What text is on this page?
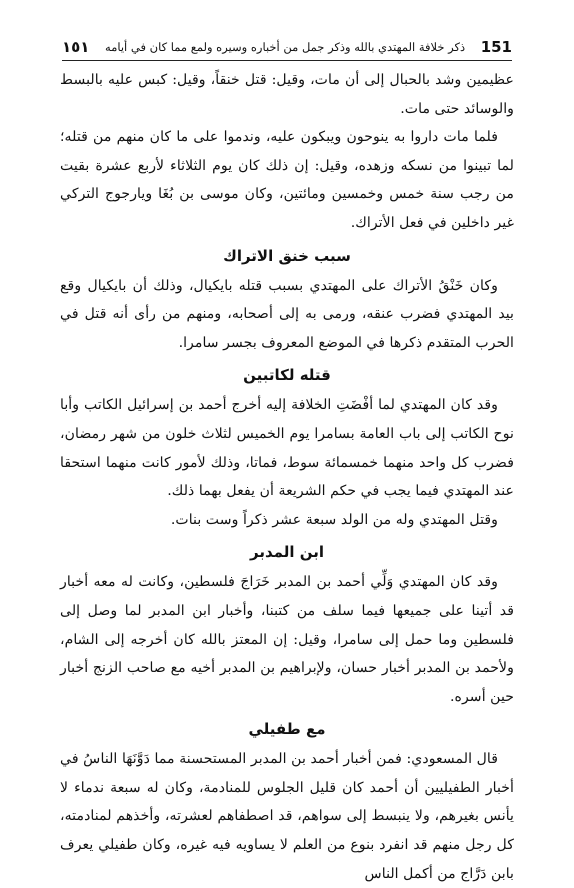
151
ذكر خلافة المهتدي بالله وذكر جمل من أخباره وسيره ولمع مما كان في أيامه
١٥١

عظيمين وشد بالحبال إلى أن مات، وقيل: قتل خنقاً، وقيل: كبس عليه بالبسط والوسائد حتى مات.

فلما مات داروا به ينوحون ويبكون عليه، وندموا على ما كان منهم من قتله؛ لما تبينوا من نسكه وزهده، وقيل: إن ذلك كان يوم الثلاثاء لأربع عشرة بقيت من رجب سنة خمس وخمسين ومائتين، وكان موسى بن بُغَا ويارجوج التركي غير داخلين في فعل الأتراك.

سبب خنق الاتراك

وكان خَنْقُ الأتراك على المهتدي بسبب قتله بايكيال، وذلك أن بايكيال وقع بيد المهتدي فضرب عنقه، ورمى به إلى أصحابه، ومنهم من رأى أنه قتل في الحرب المتقدم ذكرها في الموضع المعروف بجسر سامرا.

قتله لكاتبين

وقد كان المهتدي لما أفْضَتِ الخلافة إليه أخرج أحمد بن إسرائيل الكاتب وأبا نوح الكاتب إلى باب العامة بسامرا يوم الخميس لثلاث خلون من شهر رمضان، فضرب كل واحد منهما خمسمائة سوط، فماتا، وذلك لأمور كانت منهما استحقا عند المهتدي فيما يجب في حكم الشريعة أن يفعل بهما ذلك.

وقتل المهتدي وله من الولد سبعة عشر ذكراً وست بنات.

ابن المدبر

وقد كان المهتدي وَلِّي أحمد بن المدبر خَرَاجَ فلسطين، وكانت له معه أخبار قد أتينا على جميعها فيما سلف من كتبنا، وأخبار ابن المدبر لما وصل إلى فلسطين وما حمل إلى سامرا، وقيل: إن المعتز بالله كان أخرجه إلى الشام، ولأحمد بن المدبر أخبار حسان، ولإبراهيم بن المدبر أخيه مع صاحب الزنج أخبار حين أسره.

مع طفيلي

قال المسعودي: فمن أخبار أحمد بن المدبر المستحسنة مما دَوَّنَهَا الناسُ في أخبار الطفيليين أن أحمد كان قليل الجلوس للمنادمة، وكان له سبعة ندماء لا يأنس بغيرهم، ولا ينبسط إلى سواهم، قد اصطفاهم لعشرته، وأخذهم لمنادمته، كل رجل منهم قد انفرد بنوع من العلم لا يساويه فيه غيره، وكان طفيلي يعرف بابن دَرَّاج من أكمل الناس
